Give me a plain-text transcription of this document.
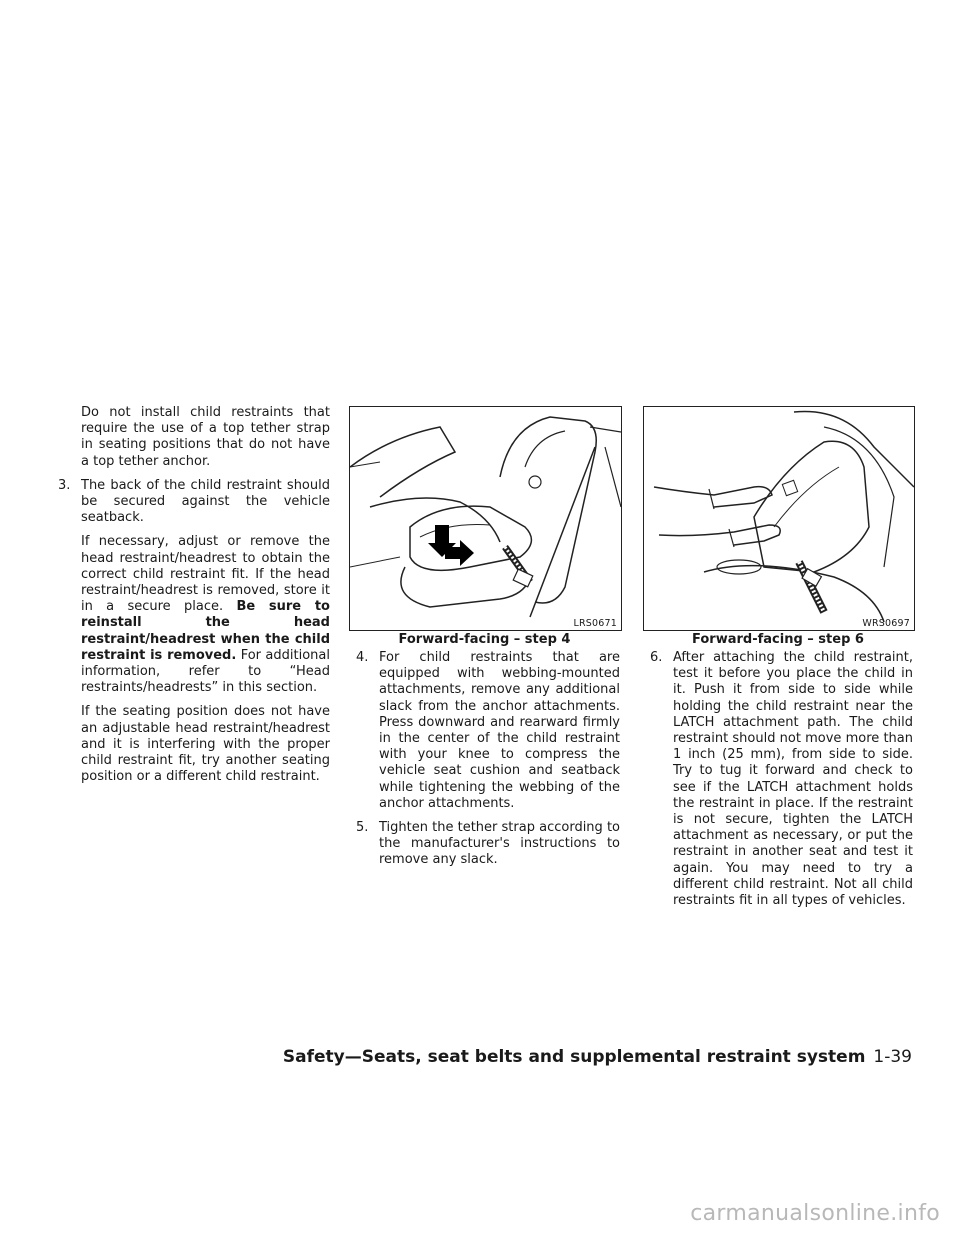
Do not install child restraints that require the use of a top tether strap in seating positions that do not have a top tether anchor.

3. The back of the child restraint should be secured against the vehicle seatback.

If necessary, adjust or remove the head restraint/headrest to obtain the correct child restraint fit. If the head restraint/headrest is removed, store it in a secure place. Be sure to reinstall the head restraint/headrest when the child restraint is removed. For additional information, refer to “Head restraints/headrests” in this section.

If the seating position does not have an adjustable head restraint/headrest and it is interfering with the proper child restraint fit, try another seating position or a different child restraint.

LRS0671
Forward-facing – step 4

4. For child restraints that are equipped with webbing-mounted attachments, remove any additional slack from the anchor attachments. Press downward and rearward firmly in the center of the child restraint with your knee to compress the vehicle seat cushion and seatback while tightening the webbing of the anchor attachments.

5. Tighten the tether strap according to the manufacturer's instructions to remove any slack.

WRS0697
Forward-facing – step 6

6. After attaching the child restraint, test it before you place the child in it. Push it from side to side while holding the child restraint near the LATCH attachment path. The child restraint should not move more than 1 inch (25 mm), from side to side. Try to tug it forward and check to see if the LATCH attachment holds the restraint in place. If the restraint is not secure, tighten the LATCH attachment as necessary, or put the restraint in another seat and test it again. You may need to try a different child restraint. Not all child restraints fit in all types of vehicles.

Safety—Seats, seat belts and supplemental restraint system 1-39
carmanualsonline.info
